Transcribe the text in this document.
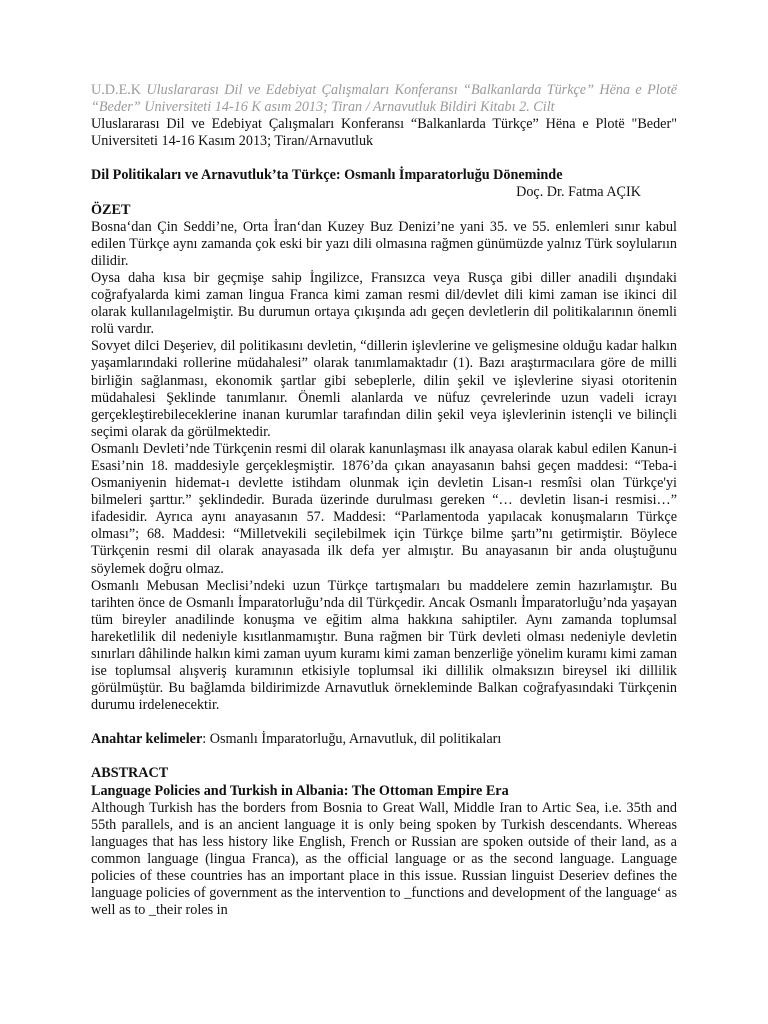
U.D.E.K Uluslararası Dil ve Edebiyat Çalışmaları Konferansı “Balkanlarda Türkçe” Hëna e Plotë “Beder” Universiteti 14-16 K asım 2013; Tiran / Arnavutluk Bildiri Kitabı 2. Cilt

Uluslararası Dil ve Edebiyat Çalışmaları Konferansı “Balkanlarda Türkçe” Hëna e Plotë "Beder" Universiteti 14-16 Kasım 2013; Tiran/Arnavutluk

Dil Politikaları ve Arnavutluk’ta Türkçe: Osmanlı İmparatorluğu Döneminde

Doç. Dr. Fatma AÇIK

ÖZET

Bosna‘dan Çin Seddi’ne, Orta İran‘dan Kuzey Buz Denizi’ne yani 35. ve 55. enlemleri sınır kabul edilen Türkçe aynı zamanda çok eski bir yazı dili olmasına rağmen günümüzde yalnız Türk soylularıın dilidir.

Oysa daha kısa bir geçmişe sahip İngilizce, Fransızca veya Rusça gibi diller anadili dışındaki coğrafyalarda kimi zaman lingua Franca kimi zaman resmi dil/devlet dili kimi zaman ise ikinci dil olarak kullanılagelmiştir. Bu durumun ortaya çıkışında adı geçen devletlerin dil politikalarının önemli rolü vardır.

Sovyet dilci Deşeriev, dil politikasını devletin, “dillerin işlevlerine ve gelişmesine olduğu kadar halkın yaşamlarındaki rollerine müdahalesi” olarak tanımlamaktadır (1). Bazı araştırmacılara göre de milli birliğin sağlanması, ekonomik şartlar gibi sebeplerle, dilin şekil ve işlevlerine siyasi otoritenin müdahalesi Şeklinde tanımlanır. Önemli alanlarda ve nüfuz çevrelerinde uzun vadeli icrayı gerçekleştirebileceklerine inanan kurumlar tarafından dilin şekil veya işlevlerinin istençli ve bilinçli seçimi olarak da görülmektedir.

Osmanlı Devleti’nde Türkçenin resmi dil olarak kanunlaşması ilk anayasa olarak kabul edilen Kanun-i Esasi’nin 18. maddesiyle gerçekleşmiştir. 1876’da çıkan anayasanın bahsi geçen maddesi: “Teba-i Osmaniyenin hidemat-ı devlette istihdam olunmak için devletin Lisan-ı resmîsi olan Türkçe'yi bilmeleri şarttır.” şeklindedir. Burada üzerinde durulması gereken “… devletin lisan-i resmisi…” ifadesidir. Ayrıca aynı anayasanın 57. Maddesi: “Parlamentoda yapılacak konuşmaların Türkçe olması”; 68. Maddesi: “Milletvekili seçilebilmek için Türkçe bilme şartı”nı getirmiştir. Böylece Türkçenin resmi dil olarak anayasada ilk defa yer almıştır. Bu anayasanın bir anda oluştuğunu söylemek doğru olmaz.

Osmanlı Mebusan Meclisi’ndeki uzun Türkçe tartışmaları bu maddelere zemin hazırlamıştır. Bu tarihten önce de Osmanlı İmparatorluğu’nda dil Türkçedir. Ancak Osmanlı İmparatorluğu’nda yaşayan tüm bireyler anadilinde konuşma ve eğitim alma hakkına sahiptiler. Aynı zamanda toplumsal hareketlilik dil nedeniyle kısıtlanmamıştır. Buna rağmen bir Türk devleti olması nedeniyle devletin sınırları dâhilinde halkın kimi zaman uyum kuramı kimi zaman benzerliğe yönelim kuramı kimi zaman ise toplumsal alışveriş kuramının etkisiyle toplumsal iki dillilik olmaksızın bireysel iki dillilik görülmüştür. Bu bağlamda bildirimizde Arnavutluk örnekleminde Balkan coğrafyasındaki Türkçenin durumu irdelenecektir.

Anahtar kelimeler: Osmanlı İmparatorluğu, Arnavutluk, dil politikaları

ABSTRACT

Language Policies and Turkish in Albania: The Ottoman Empire Era

Although Turkish has the borders from Bosnia to Great Wall, Middle Iran to Artic Sea, i.e. 35th and 55th parallels, and is an ancient language it is only being spoken by Turkish descendants. Whereas languages that has less history like English, French or Russian are spoken outside of their land, as a common language (lingua Franca), as the official language or as the second language. Language policies of these countries has an important place in this issue. Russian linguist Deseriev defines the language policies of government as the intervention to _functions and development of the language‘ as well as to _their roles in
